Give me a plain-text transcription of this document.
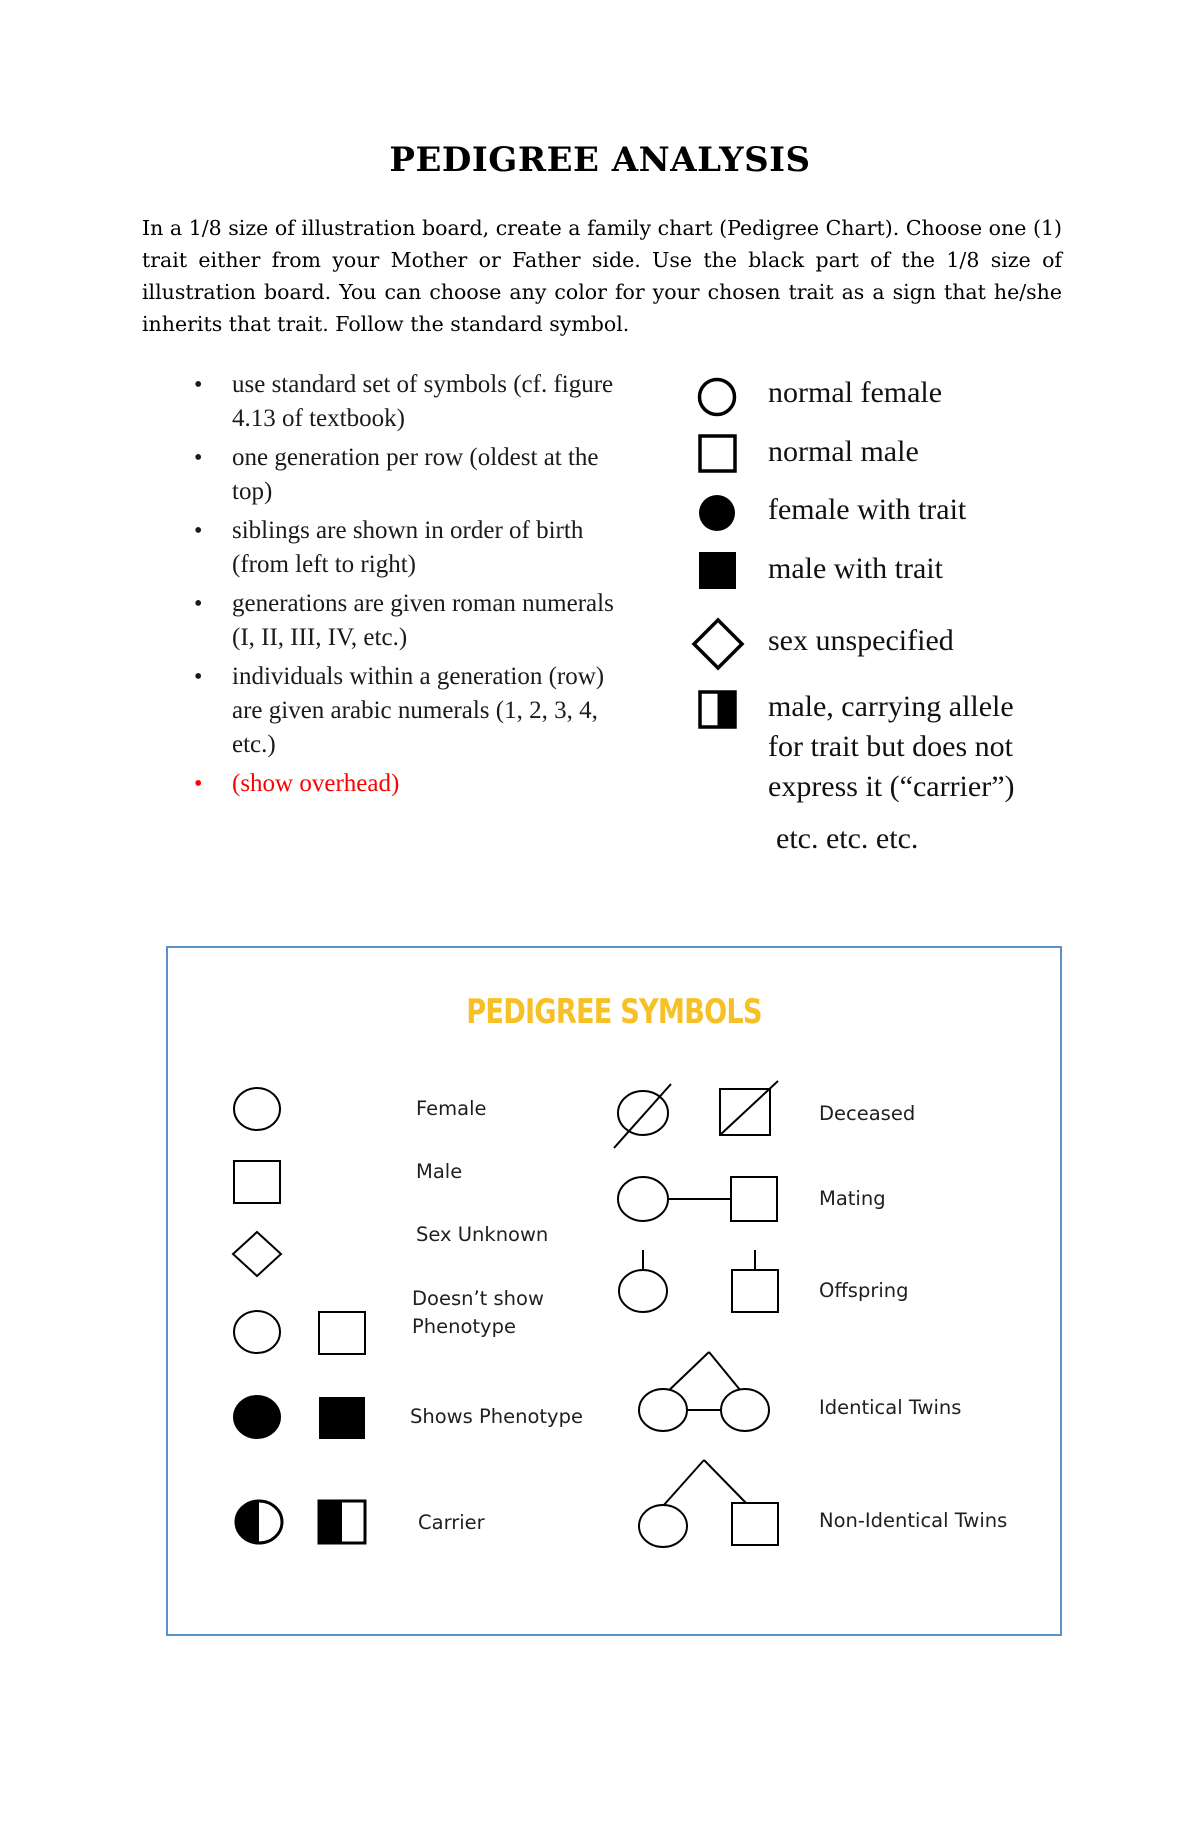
PEDIGREE ANALYSIS
In a 1/8 size of illustration board, create a family chart (Pedigree Chart). Choose one (1) trait either from your Mother or Father side. Use the black part of the 1/8 size of illustration board. You can choose any color for your chosen trait as a sign that he/she inherits that trait. Follow the standard symbol.
• use standard set of symbols (cf. figure 4.13 of textbook)
• one generation per row (oldest at the top)
• siblings are shown in order of birth (from left to right)
• generations are given roman numerals (I, II, III, IV, etc.)
• individuals within a generation (row) are given arabic numerals (1, 2, 3, 4, etc.)
• (show overhead)
normal female
normal male
female with trait
male with trait
sex unspecified
male, carrying allele
for trait but does not
express it (“carrier”)
etc. etc. etc.
PEDIGREE SYMBOLS
Female
Male
Sex Unknown
Doesn’t show
Phenotype
Shows Phenotype
Carrier
Deceased
Mating
Offspring
Identical Twins
Non-Identical Twins
